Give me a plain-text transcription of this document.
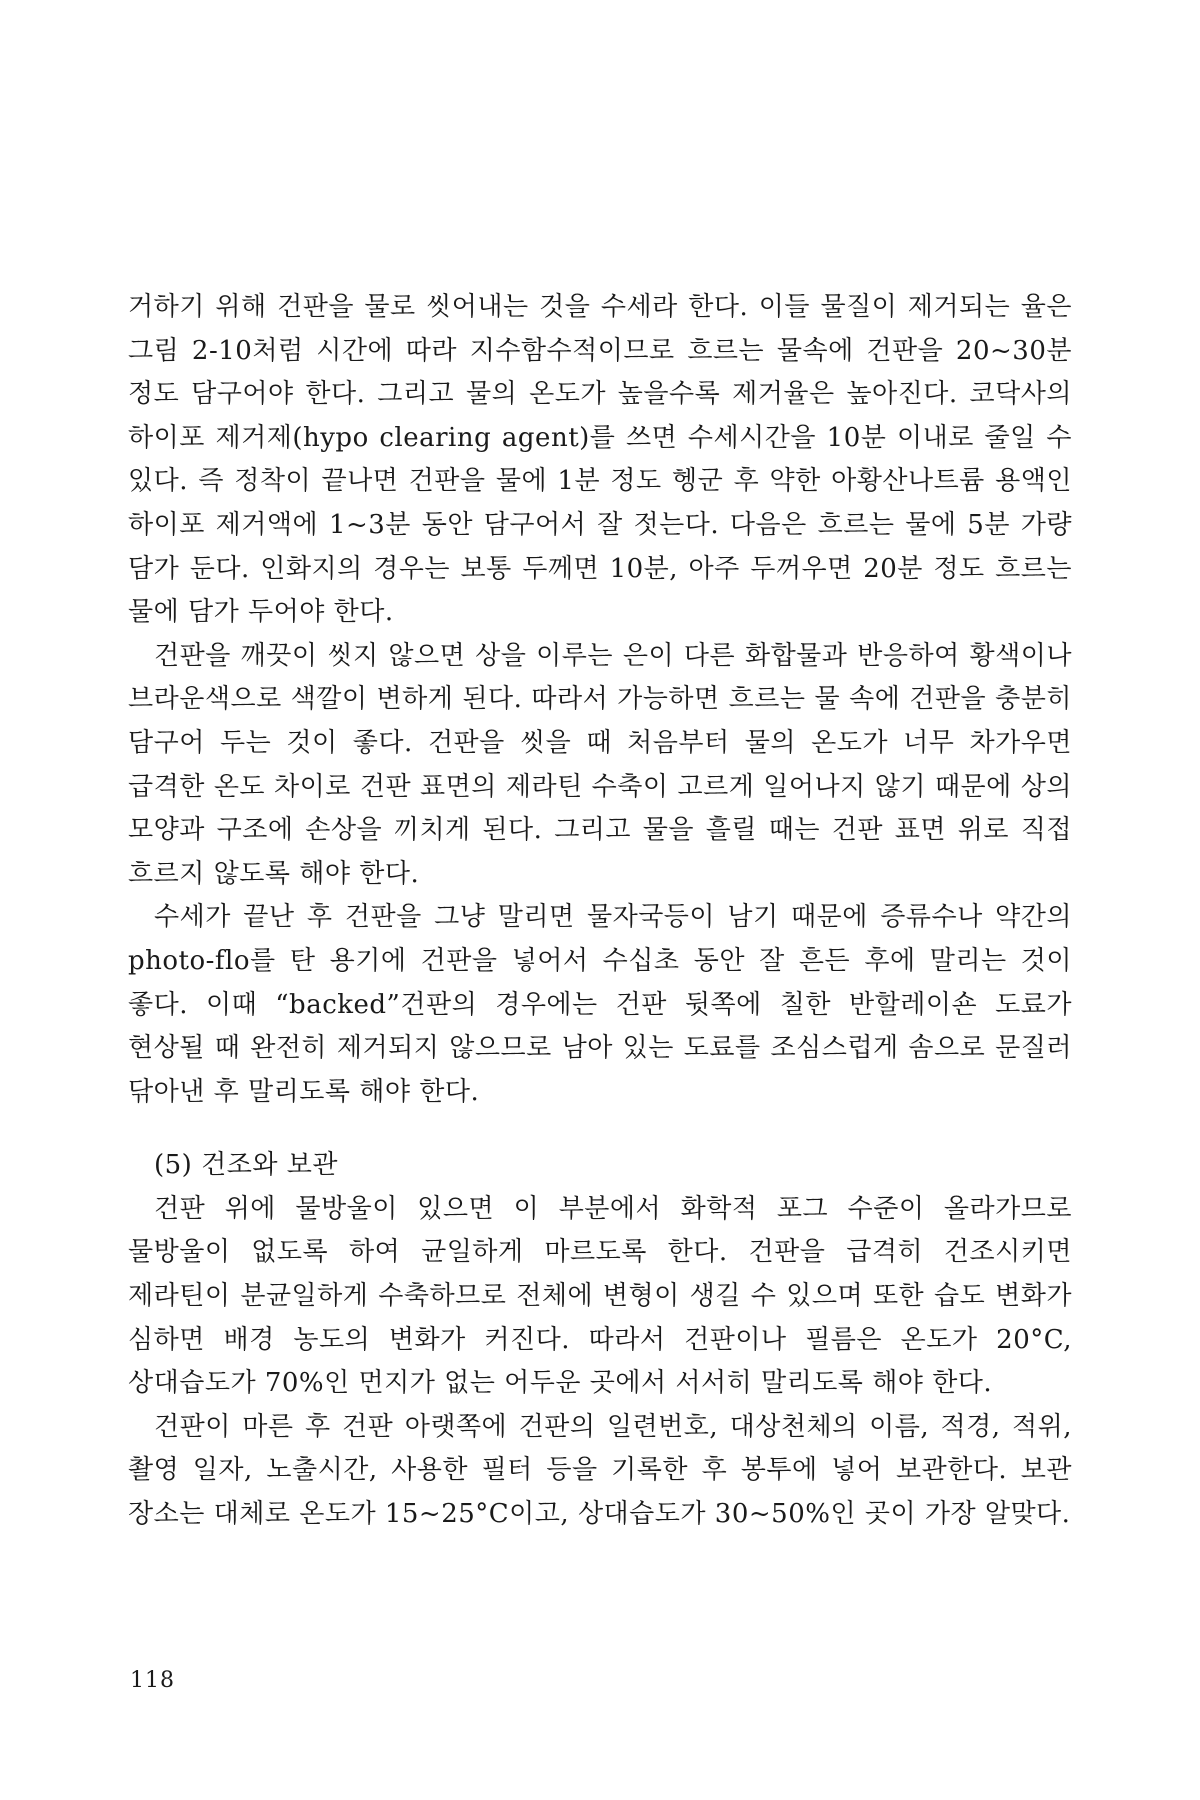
거하기 위해 건판을 물로 씻어내는 것을 수세라 한다. 이들 물질이 제거되는 율은 그림 2-10처럼 시간에 따라 지수함수적이므로 흐르는 물속에 건판을 20~30분 정도 담구어야 한다. 그리고 물의 온도가 높을수록 제거율은 높아진다. 코닥사의 하이포 제거제(hypo clearing agent)를 쓰면 수세시간을 10분 이내로 줄일 수 있다. 즉 정착이 끝나면 건판을 물에 1분 정도 헹군 후 약한 아황산나트륨 용액인 하이포 제거액에 1~3분 동안 담구어서 잘 젓는다. 다음은 흐르는 물에 5분 가량 담가 둔다. 인화지의 경우는 보통 두께면 10분, 아주 두꺼우면 20분 정도 흐르는 물에 담가 두어야 한다.

건판을 깨끗이 씻지 않으면 상을 이루는 은이 다른 화합물과 반응하여 황색이나 브라운색으로 색깔이 변하게 된다. 따라서 가능하면 흐르는 물 속에 건판을 충분히 담구어 두는 것이 좋다. 건판을 씻을 때 처음부터 물의 온도가 너무 차가우면 급격한 온도 차이로 건판 표면의 제라틴 수축이 고르게 일어나지 않기 때문에 상의 모양과 구조에 손상을 끼치게 된다. 그리고 물을 흘릴 때는 건판 표면 위로 직접 흐르지 않도록 해야 한다.

수세가 끝난 후 건판을 그냥 말리면 물자국등이 남기 때문에 증류수나 약간의 photo-flo를 탄 용기에 건판을 넣어서 수십초 동안 잘 흔든 후에 말리는 것이 좋다. 이때 “backed”건판의 경우에는 건판 뒷쪽에 칠한 반할레이숀 도료가 현상될 때 완전히 제거되지 않으므로 남아 있는 도료를 조심스럽게 솜으로 문질러 닦아낸 후 말리도록 해야 한다.

(5) 건조와 보관

건판 위에 물방울이 있으면 이 부분에서 화학적 포그 수준이 올라가므로 물방울이 없도록 하여 균일하게 마르도록 한다. 건판을 급격히 건조시키면 제라틴이 분균일하게 수축하므로 전체에 변형이 생길 수 있으며 또한 습도 변화가 심하면 배경 농도의 변화가 커진다. 따라서 건판이나 필름은 온도가 20°C, 상대습도가 70%인 먼지가 없는 어두운 곳에서 서서히 말리도록 해야 한다.

건판이 마른 후 건판 아랫쪽에 건판의 일련번호, 대상천체의 이름, 적경, 적위, 촬영 일자, 노출시간, 사용한 필터 등을 기록한 후 봉투에 넣어 보관한다. 보관 장소는 대체로 온도가 15~25°C이고, 상대습도가 30~50%인 곳이 가장 알맞다.

118
